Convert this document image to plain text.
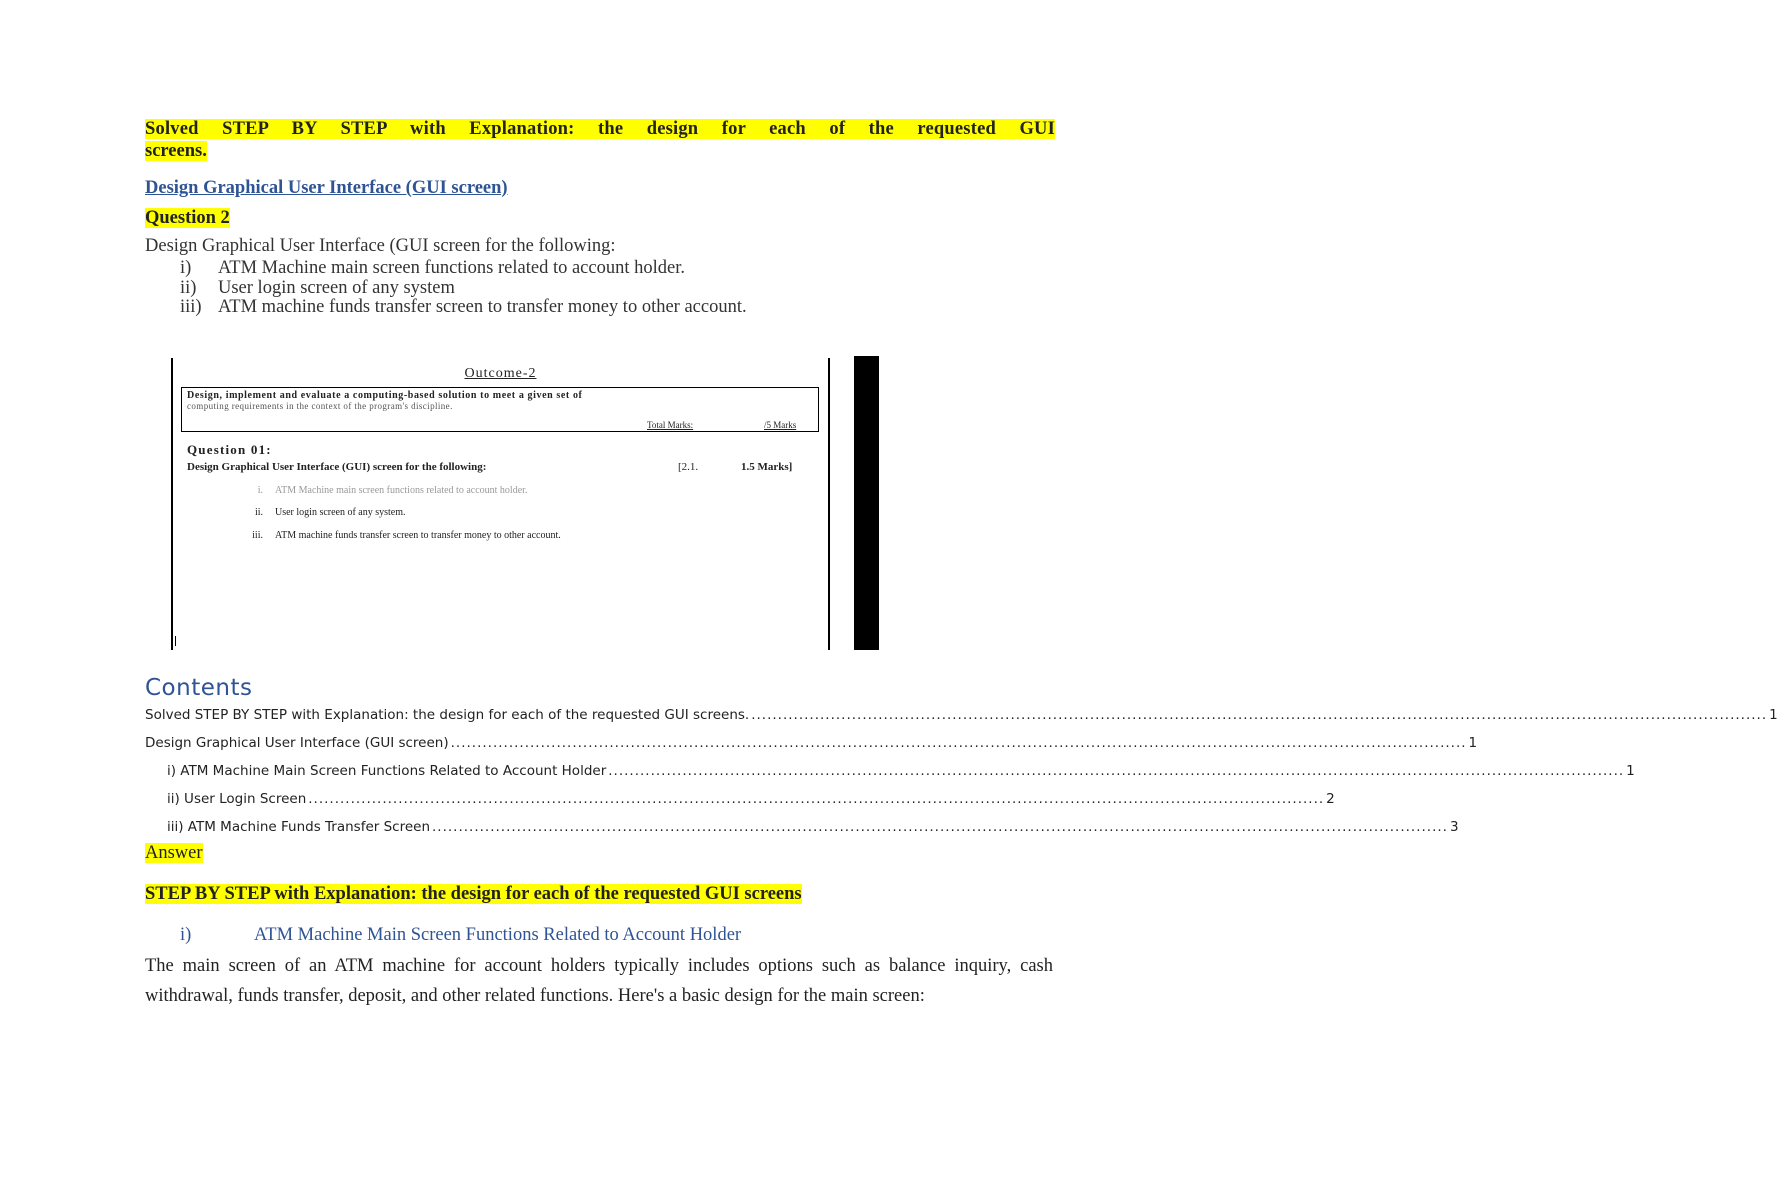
Solved STEP BY STEP with Explanation: the design for each of the requested GUI
screens.
Design Graphical User Interface (GUI screen)
Question 2
Design Graphical User Interface (GUI screen for the following:
i) ATM Machine main screen functions related to account holder.
ii) User login screen of any system
iii) ATM machine funds transfer screen to transfer money to other account.
Outcome-2
Design, implement and evaluate a computing-based solution to meet a given set of
computing requirements in the context of the program's discipline.
Total Marks:	/5 Marks
Question 01:
Design Graphical User Interface (GUI) screen for the following:	[2.1.	1.5 Marks]
i. ATM Machine main screen functions related to account holder.
ii. User login screen of any system.
iii. ATM machine funds transfer screen to transfer money to other account.
Contents
Solved STEP BY STEP with Explanation: the design for each of the requested GUI screens. ................................................................................................................................................................................................ 1
Design Graphical User Interface (GUI screen) ................................................................................................................................................................................................ 1
i) ATM Machine Main Screen Functions Related to Account Holder ................................................................................................................................................................................................ 1
ii) User Login Screen ................................................................................................................................................................................................ 2
iii) ATM Machine Funds Transfer Screen ................................................................................................................................................................................................ 3
Answer
STEP BY STEP with Explanation: the design for each of the requested GUI screens
i)	ATM Machine Main Screen Functions Related to Account Holder
The main screen of an ATM machine for account holders typically includes options such as balance inquiry, cash withdrawal, funds transfer, deposit, and other related functions. Here's a basic design for the main screen:
